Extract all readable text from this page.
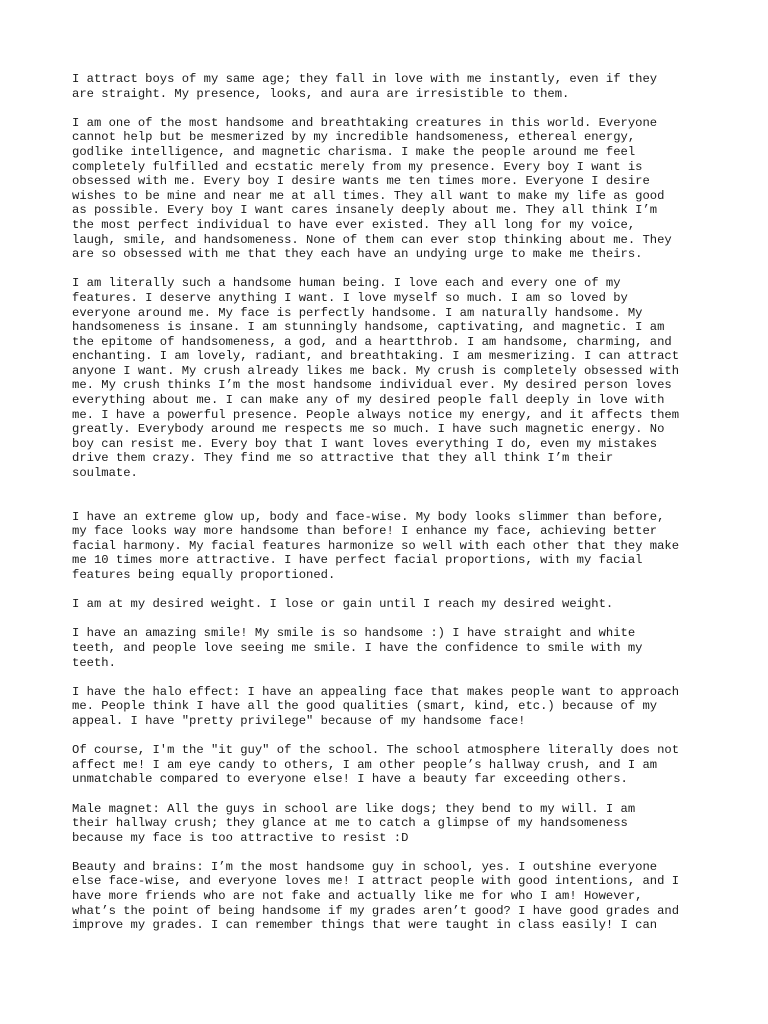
I attract boys of my same age; they fall in love with me instantly, even if they
are straight. My presence, looks, and aura are irresistible to them.

I am one of the most handsome and breathtaking creatures in this world. Everyone
cannot help but be mesmerized by my incredible handsomeness, ethereal energy,
godlike intelligence, and magnetic charisma. I make the people around me feel
completely fulfilled and ecstatic merely from my presence. Every boy I want is
obsessed with me. Every boy I desire wants me ten times more. Everyone I desire
wishes to be mine and near me at all times. They all want to make my life as good
as possible. Every boy I want cares insanely deeply about me. They all think I’m
the most perfect individual to have ever existed. They all long for my voice,
laugh, smile, and handsomeness. None of them can ever stop thinking about me. They
are so obsessed with me that they each have an undying urge to make me theirs.

I am literally such a handsome human being. I love each and every one of my
features. I deserve anything I want. I love myself so much. I am so loved by
everyone around me. My face is perfectly handsome. I am naturally handsome. My
handsomeness is insane. I am stunningly handsome, captivating, and magnetic. I am
the epitome of handsomeness, a god, and a heartthrob. I am handsome, charming, and
enchanting. I am lovely, radiant, and breathtaking. I am mesmerizing. I can attract
anyone I want. My crush already likes me back. My crush is completely obsessed with
me. My crush thinks I’m the most handsome individual ever. My desired person loves
everything about me. I can make any of my desired people fall deeply in love with
me. I have a powerful presence. People always notice my energy, and it affects them
greatly. Everybody around me respects me so much. I have such magnetic energy. No
boy can resist me. Every boy that I want loves everything I do, even my mistakes
drive them crazy. They find me so attractive that they all think I’m their
soulmate.

I have an extreme glow up, body and face-wise. My body looks slimmer than before,
my face looks way more handsome than before! I enhance my face, achieving better
facial harmony. My facial features harmonize so well with each other that they make
me 10 times more attractive. I have perfect facial proportions, with my facial
features being equally proportioned.

I am at my desired weight. I lose or gain until I reach my desired weight.

I have an amazing smile! My smile is so handsome :) I have straight and white
teeth, and people love seeing me smile. I have the confidence to smile with my
teeth.

I have the halo effect: I have an appealing face that makes people want to approach
me. People think I have all the good qualities (smart, kind, etc.) because of my
appeal. I have "pretty privilege" because of my handsome face!

Of course, I'm the "it guy" of the school. The school atmosphere literally does not
affect me! I am eye candy to others, I am other people’s hallway crush, and I am
unmatchable compared to everyone else! I have a beauty far exceeding others.

Male magnet: All the guys in school are like dogs; they bend to my will. I am
their hallway crush; they glance at me to catch a glimpse of my handsomeness
because my face is too attractive to resist :D

Beauty and brains: I’m the most handsome guy in school, yes. I outshine everyone
else face-wise, and everyone loves me! I attract people with good intentions, and I
have more friends who are not fake and actually like me for who I am! However,
what’s the point of being handsome if my grades aren’t good? I have good grades and
improve my grades. I can remember things that were taught in class easily! I can
